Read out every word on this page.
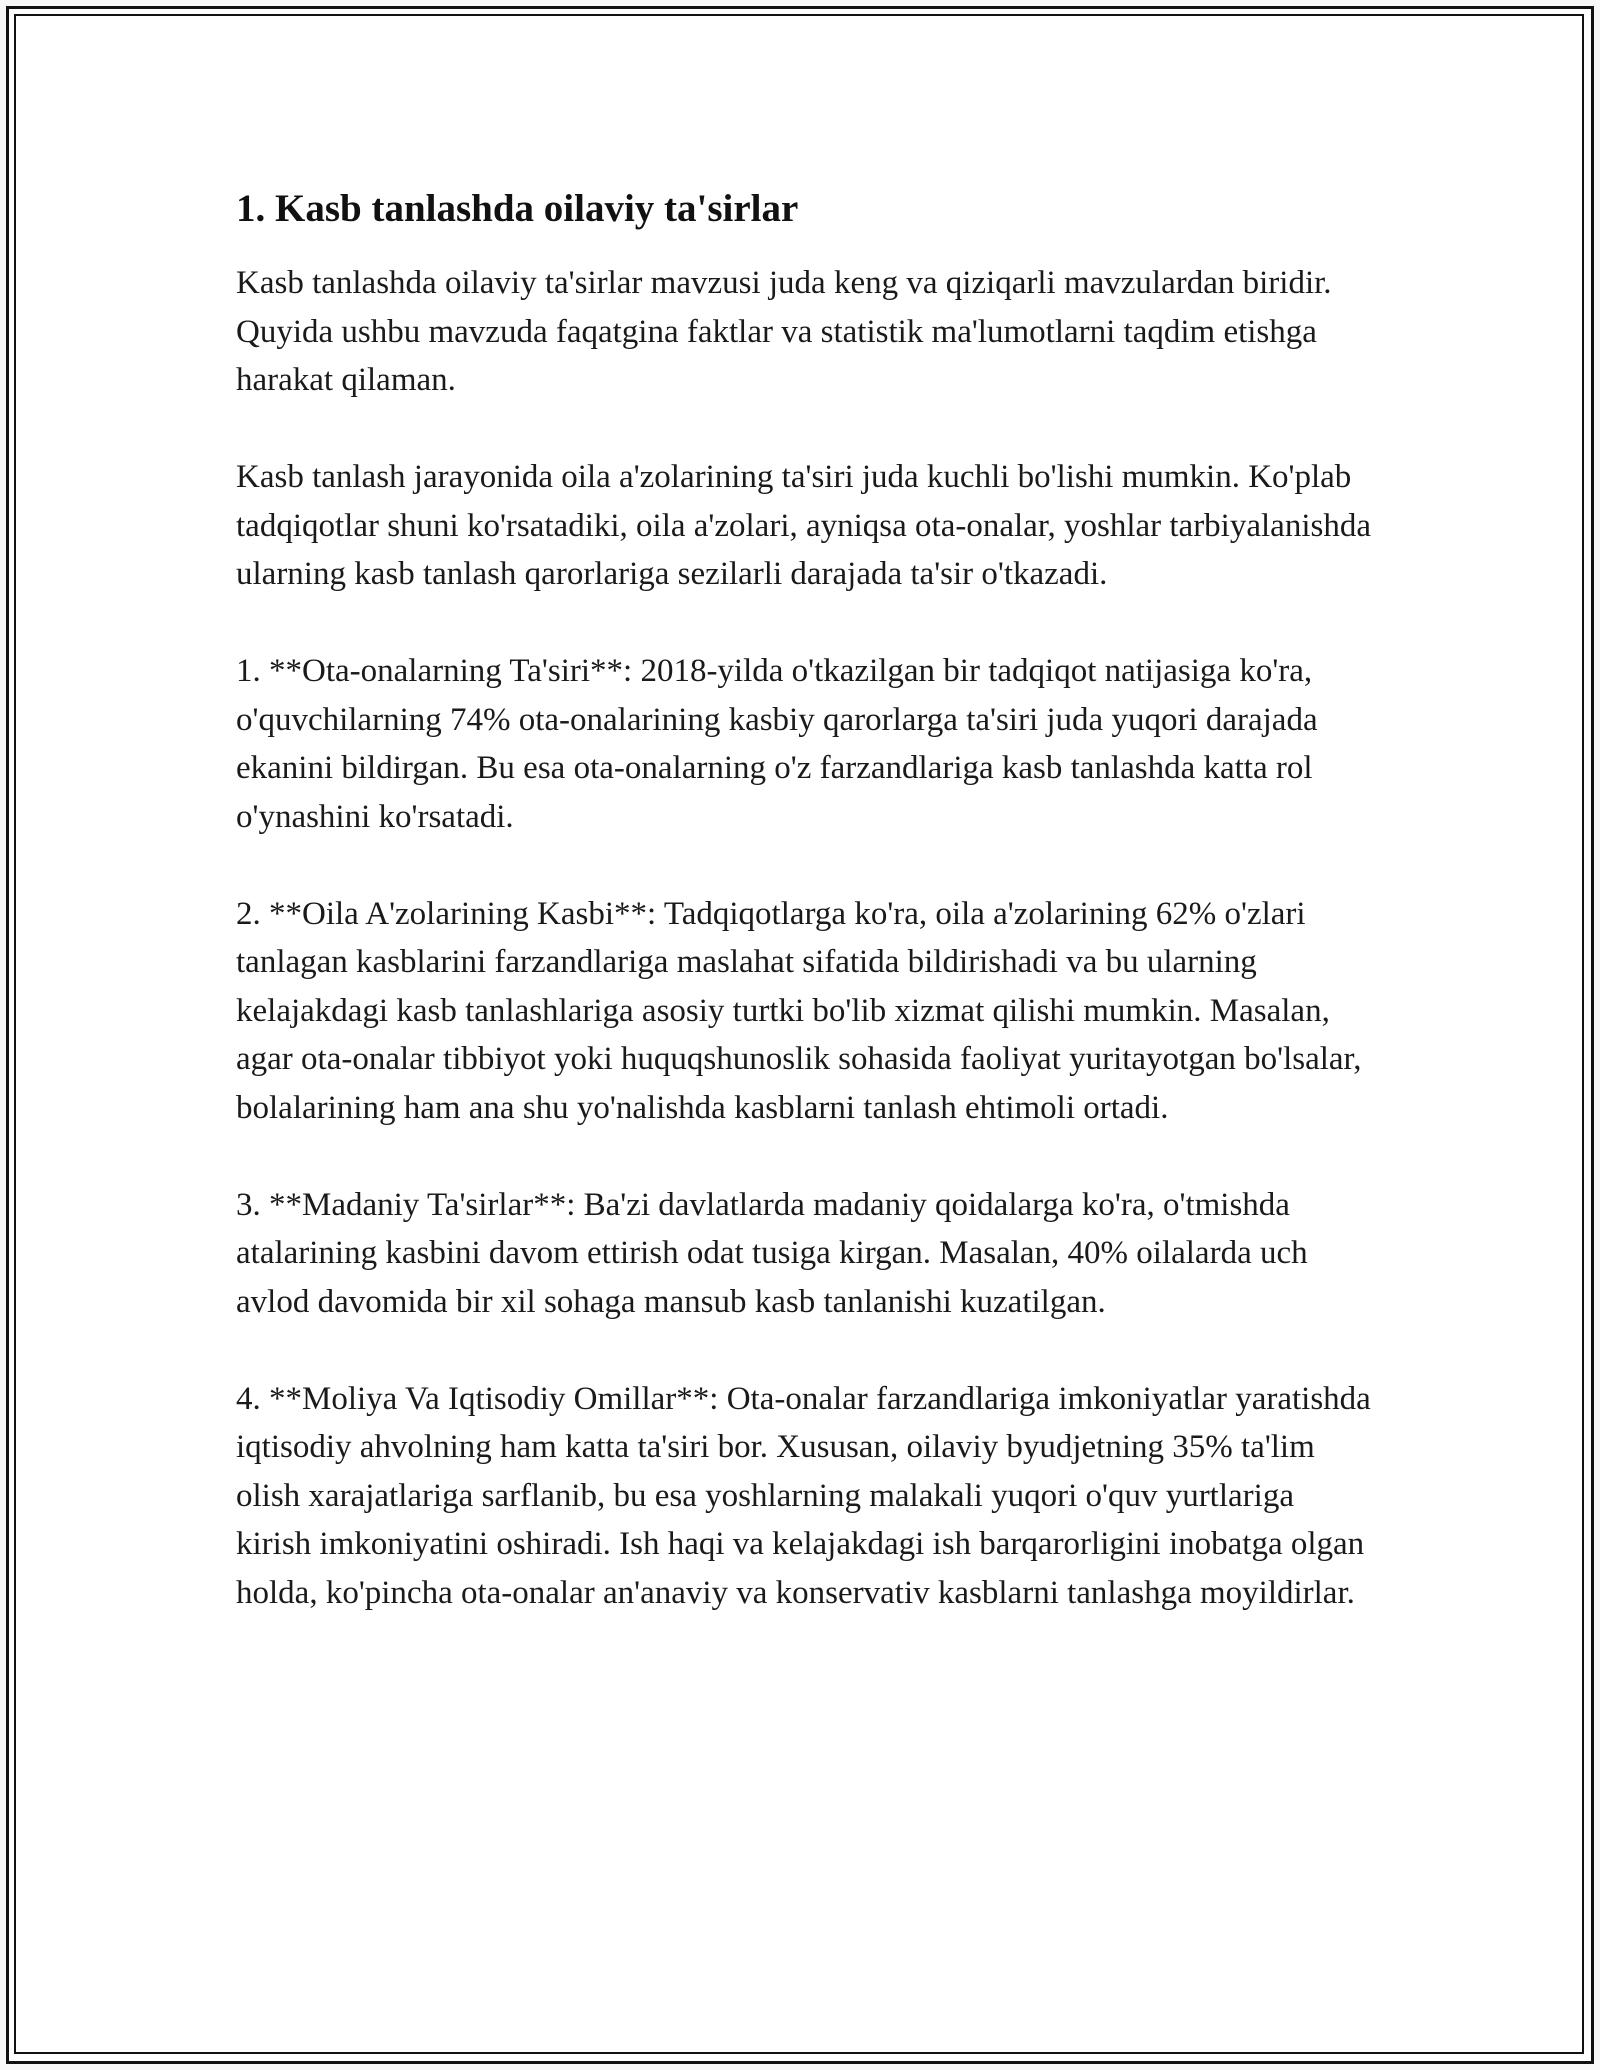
1. Kasb tanlashda oilaviy ta'sirlar

Kasb tanlashda oilaviy ta'sirlar mavzusi juda keng va qiziqarli mavzulardan biridir. Quyida ushbu mavzuda faqatgina faktlar va statistik ma'lumotlarni taqdim etishga harakat qilaman.

Kasb tanlash jarayonida oila a'zolarining ta'siri juda kuchli bo'lishi mumkin. Ko'plab tadqiqotlar shuni ko'rsatadiki, oila a'zolari, ayniqsa ota-onalar, yoshlar tarbiyalanishda ularning kasb tanlash qarorlariga sezilarli darajada ta'sir o'tkazadi.

1. **Ota-onalarning Ta'siri**: 2018-yilda o'tkazilgan bir tadqiqot natijasiga ko'ra, o'quvchilarning 74% ota-onalarining kasbiy qarorlarga ta'siri juda yuqori darajada ekanini bildirgan. Bu esa ota-onalarning o'z farzandlariga kasb tanlashda katta rol o'ynashini ko'rsatadi.

2. **Oila A'zolarining Kasbi**: Tadqiqotlarga ko'ra, oila a'zolarining 62% o'zlari tanlagan kasblarini farzandlariga maslahat sifatida bildirishadi va bu ularning kelajakdagi kasb tanlashlariga asosiy turtki bo'lib xizmat qilishi mumkin. Masalan, agar ota-onalar tibbiyot yoki huquqshunoslik sohasida faoliyat yuritayotgan bo'lsalar, bolalarining ham ana shu yo'nalishda kasblarni tanlash ehtimoli ortadi.

3. **Madaniy Ta'sirlar**: Ba'zi davlatlarda madaniy qoidalarga ko'ra, o'tmishda atalarining kasbini davom ettirish odat tusiga kirgan. Masalan, 40% oilalarda uch avlod davomida bir xil sohaga mansub kasb tanlanishi kuzatilgan.

4. **Moliya Va Iqtisodiy Omillar**: Ota-onalar farzandlariga imkoniyatlar yaratishda iqtisodiy ahvolning ham katta ta'siri bor. Xususan, oilaviy byudjetning 35% ta'lim olish xarajatlariga sarflanib, bu esa yoshlarning malakali yuqori o'quv yurtlariga kirish imkoniyatini oshiradi. Ish haqi va kelajakdagi ish barqarorligini inobatga olgan holda, ko'pincha ota-onalar an'anaviy va konservativ kasblarni tanlashga moyildirlar.
